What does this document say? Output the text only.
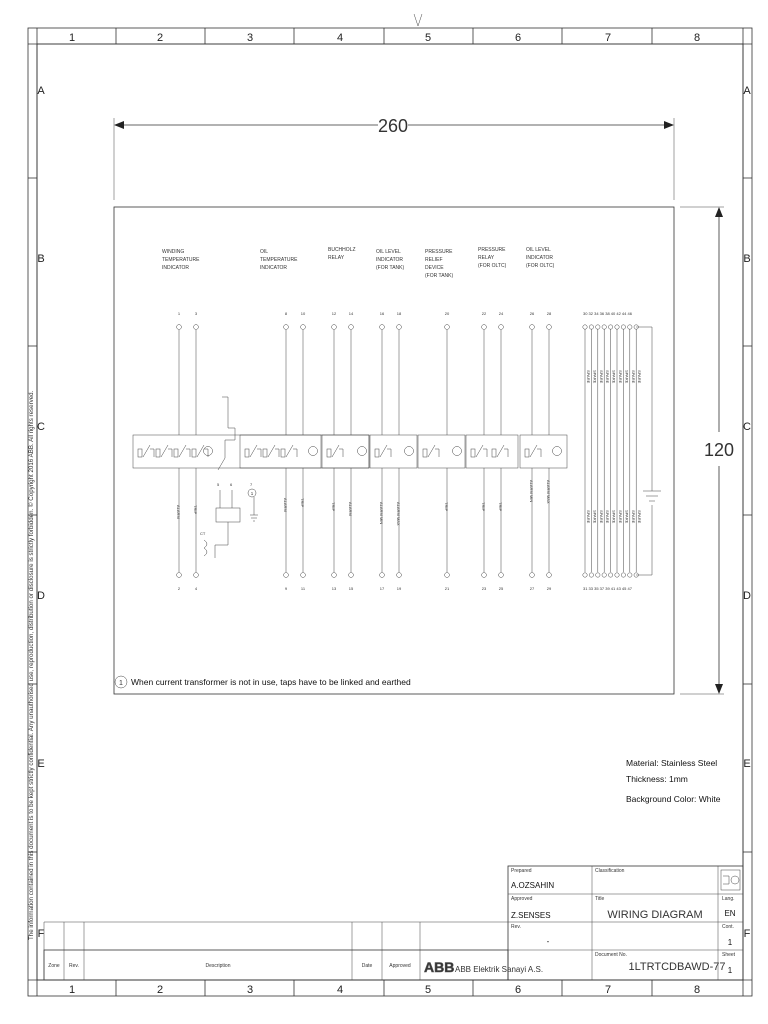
1	2	3	4	5	6	7	8
1	2	3	4	5	6	7	8
A
B
C
D
E
F
A
B
C
D
E
F
The information contained in this document is to be kept strictly confidential. Any unauthorised use, reproduction, distribution or disclosure is strictly forbidden. © Copyright 2016 ABB. All rights reserved.
260
120
WINDING
TEMPERATURE
INDICATOR
OIL
TEMPERATURE
INDICATOR
BUCHHOLZ
RELAY
OIL LEVEL
INDICATOR
(FOR TANK)
PRESSURE
RELIEF
DEVICE
(FOR TANK)
PRESSURE
RELAY
(FOR OLTC)
OIL LEVEL
INDICATOR
(FOR OLTC)
1	3	8	10	12	14	16	18	20	22	24	26	28	30 32 34 36 38 40 42 44 46
2	4	9	11	13	15	17	19	21	23	25	27	29	31 33 35 37 39 41 43 45 47
ALARM	TRIP	ALARM	TRIP	TRIP	ALARM	ALARM MIN	ALARM MAX	TRIP	TRIP	TRIP
ALARM MIN	ALARM MAX
SPARE
SPARE
SPARE
SPARE
SPARE
SPARE
SPARE
SPARE
SPARE
SPARE
SPARE
SPARE
SPARE
SPARE
SPARE
SPARE
SPARE
SPARE
5	6	7
CT
1
1 When current transformer is not in use, taps have to be linked and earthed
Material: Stainless Steel
Thickness: 1mm
Background Color: White
Prepared
A.OZSAHIN
Approved
Z.SENSES
Rev.
-
Classification
Title
WIRING DIAGRAM
Document No.
1LTRTCDBAWD-77
Lang.
EN
Cont.
1
Sheet
1
Zone Rev.	Description	Date	Approved ABB ABB Elektrik Sanayi A.S.
